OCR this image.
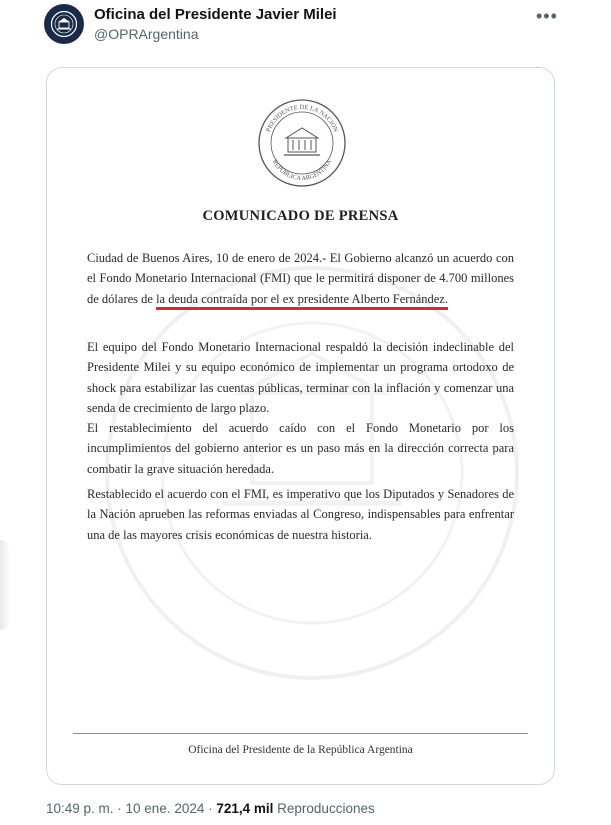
Oficina del Presidente Javier Milei
@OPRArgentina
•••
PRESIDENTE DE LA NACIÓN
REPÚBLICA ARGENTINA
COMUNICADO DE PRENSA
Ciudad de Buenos Aires, 10 de enero de 2024.- El Gobierno alcanzó un acuerdo con el Fondo Monetario Internacional (FMI) que le permitirá disponer de 4.700 millones de dólares de la deuda contraída por el ex presidente Alberto Fernández.
El equipo del Fondo Monetario Internacional respaldó la decisión indeclinable del Presidente Milei y su equipo económico de implementar un programa ortodoxo de shock para estabilizar las cuentas públicas, terminar con la inflación y comenzar una senda de crecimiento de largo plazo.
El restablecimiento del acuerdo caído con el Fondo Monetario por los incumplimientos del gobierno anterior es un paso más en la dirección correcta para combatir la grave situación heredada.
Restablecido el acuerdo con el FMI, es imperativo que los Diputados y Senadores de la Nación aprueben las reformas enviadas al Congreso, indispensables para enfrentar una de las mayores crisis económicas de nuestra historia.
Oficina del Presidente de la República Argentina
10:49 p. m. · 10 ene. 2024 · 721,4 mil Reproducciones
